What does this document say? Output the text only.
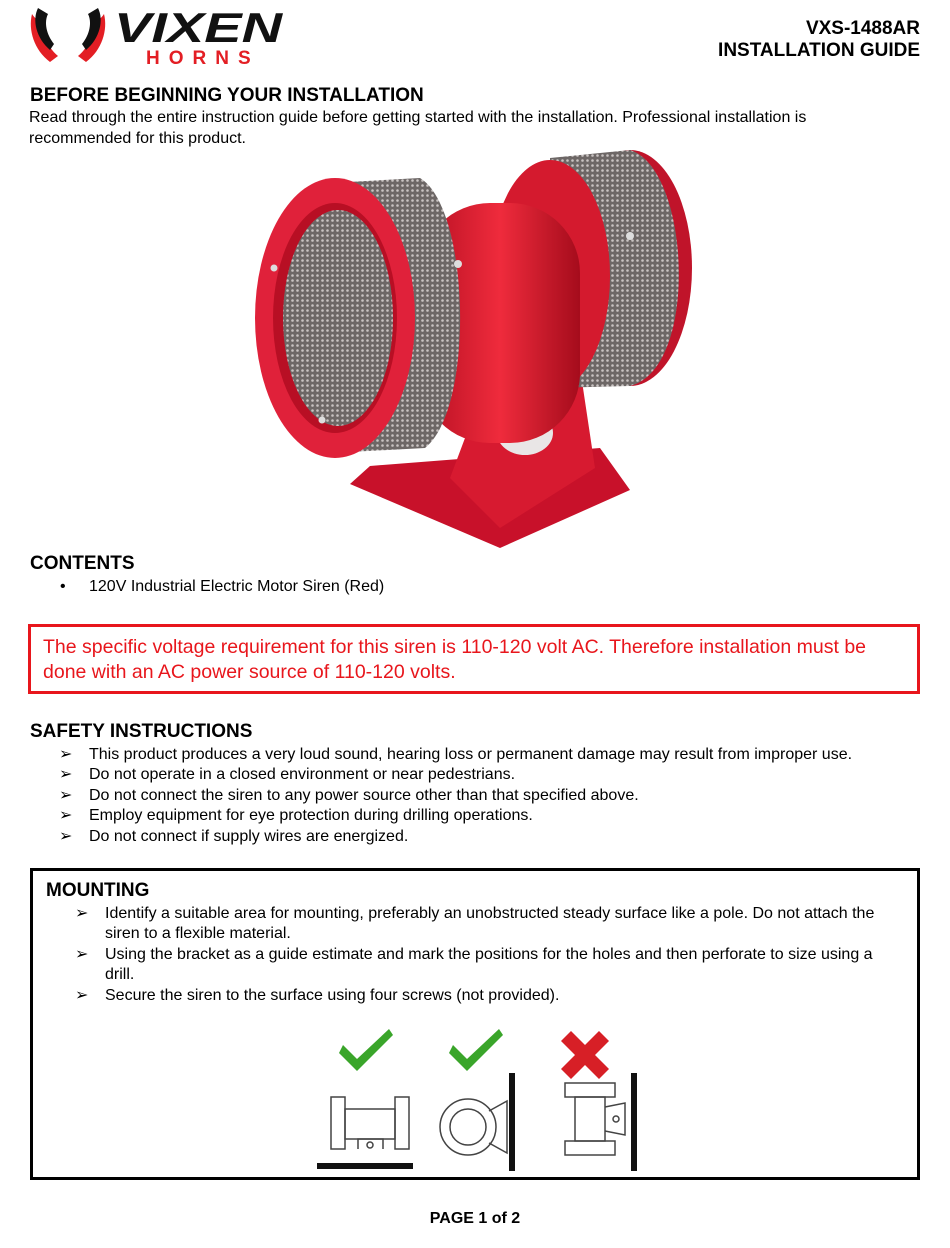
VIXEN
HORNS
VXS-1488AR
INSTALLATION GUIDE
BEFORE BEGINNING YOUR INSTALLATION
Read through the entire instruction guide before getting started with the installation. Professional installation is recommended for this product.
CONTENTS
• 120V Industrial Electric Motor Siren (Red)
The specific voltage requirement for this siren is 110-120 volt AC. Therefore installation must be done with an AC power source of 110-120 volts.
SAFETY INSTRUCTIONS
➢ This product produces a very loud sound, hearing loss or permanent damage may result from improper use.
➢ Do not operate in a closed environment or near pedestrians.
➢ Do not connect the siren to any power source other than that specified above.
➢ Employ equipment for eye protection during drilling operations.
➢ Do not connect if supply wires are energized.
MOUNTING
➢ Identify a suitable area for mounting, preferably an unobstructed steady surface like a pole. Do not attach the siren to a flexible material.
➢ Using the bracket as a guide estimate and mark the positions for the holes and then perforate to size using a drill.
➢ Secure the siren to the surface using four screws (not provided).
PAGE 1 of 2
